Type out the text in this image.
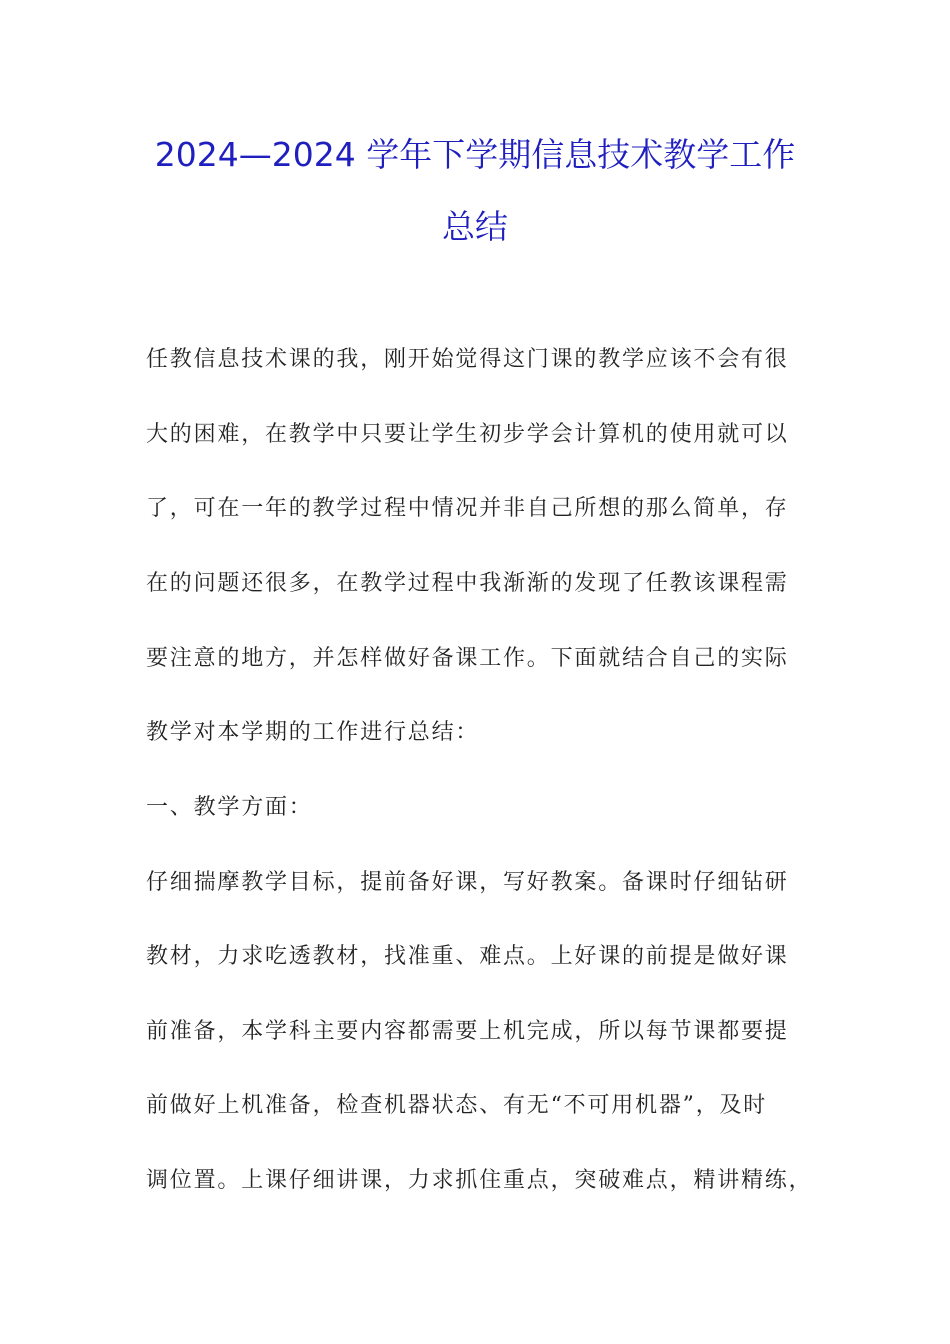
2024—2024 学年下学期信息技术教学工作
总结
任教信息技术课的我，刚开始觉得这门课的教学应该不会有很
大的困难，在教学中只要让学生初步学会计算机的使用就可以
了，可在一年的教学过程中情况并非自己所想的那么简单，存
在的问题还很多，在教学过程中我渐渐的发现了任教该课程需
要注意的地方，并怎样做好备课工作。下面就结合自己的实际
教学对本学期的工作进行总结：
一、教学方面：
仔细揣摩教学目标，提前备好课，写好教案。备课时仔细钻研
教材，力求吃透教材，找准重、难点。上好课的前提是做好课
前准备，本学科主要内容都需要上机完成，所以每节课都要提
前做好上机准备，检查机器状态、有无“不可用机器”，及时
调位置。上课仔细讲课，力求抓住重点，突破难点，精讲精练，
